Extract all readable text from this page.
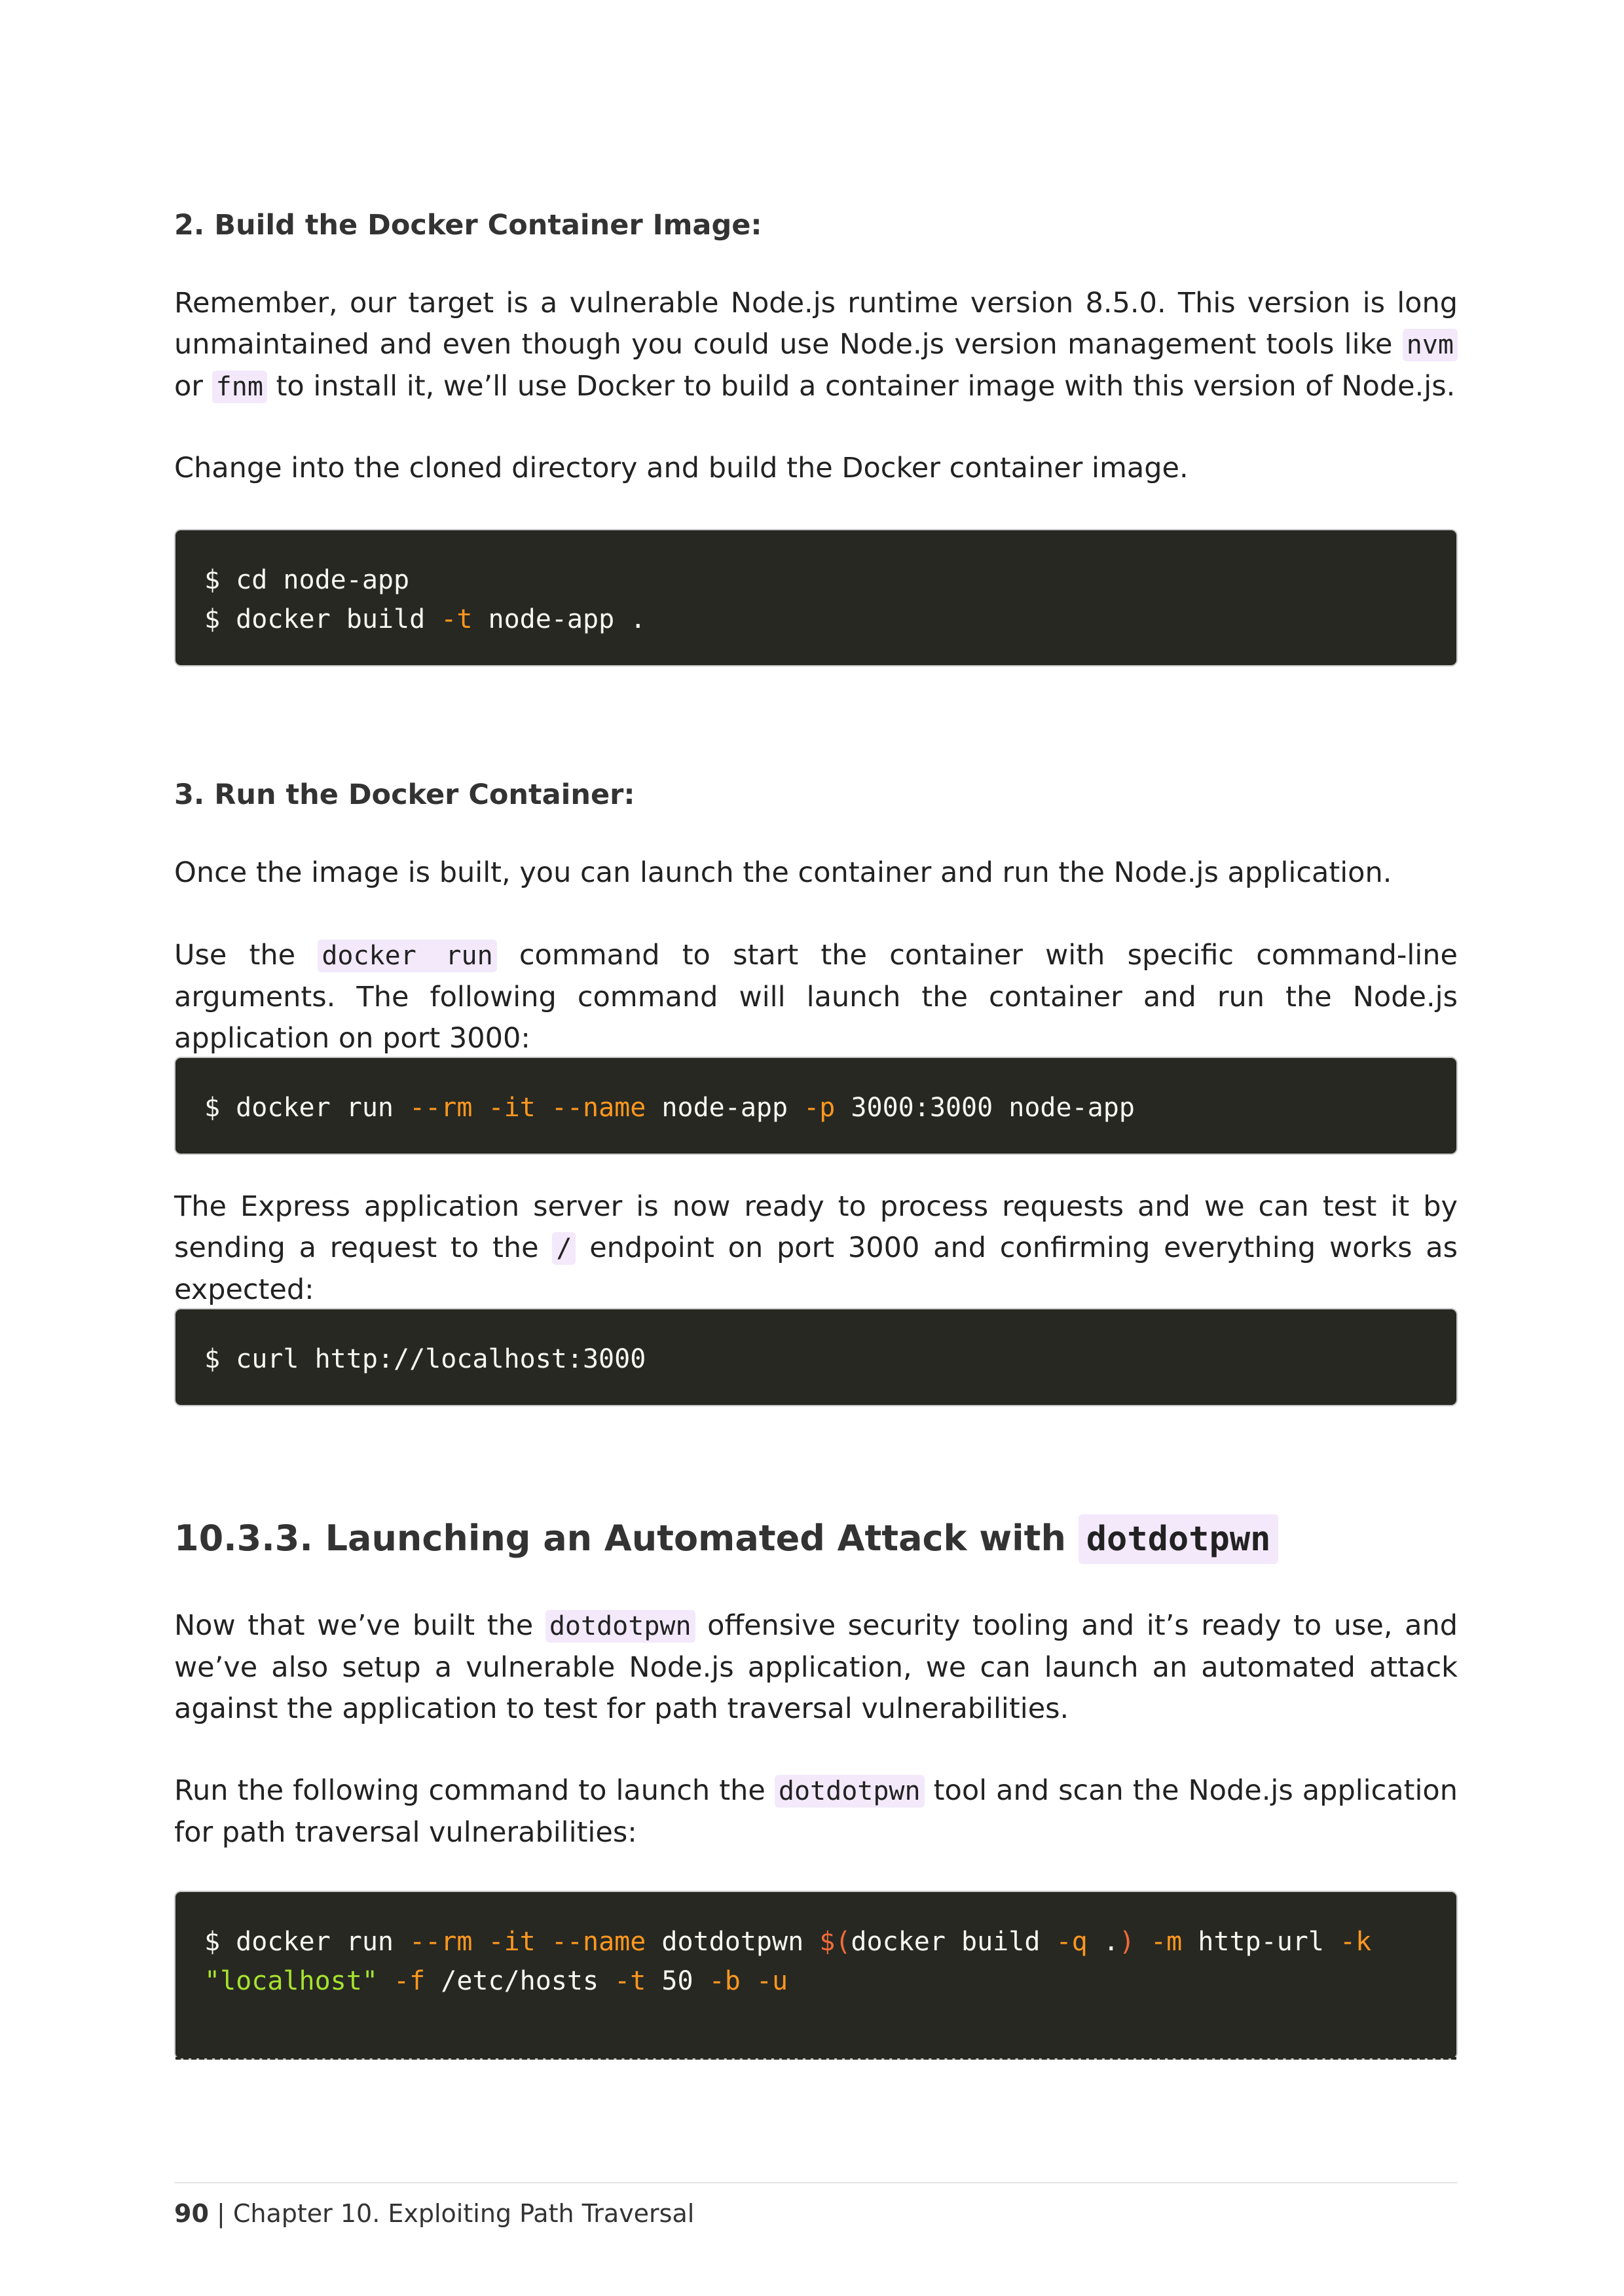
2. Build the Docker Container Image:

Remember, our target is a vulnerable Node.js runtime version 8.5.0. This version is long unmaintained and even though you could use Node.js version management tools like nvm or fnm to install it, we’ll use Docker to build a container image with this version of Node.js.

Change into the cloned directory and build the Docker container image.

$ cd node-app
$ docker build -t node-app .
3. Run the Docker Container:

Once the image is built, you can launch the container and run the Node.js application.

Use the docker run command to start the container with specific command-line arguments. The following command will launch the container and run the Node.js application on port 3000:

$ docker run --rm -it --name node-app -p 3000:3000 node-app

The Express application server is now ready to process requests and we can test it by sending a request to the / endpoint on port 3000 and confirming everything works as expected:

$ curl http://localhost:3000
10.3.3. Launching an Automated Attack with dotdotpwn

Now that we’ve built the dotdotpwn offensive security tooling and it’s ready to use, and we’ve also setup a vulnerable Node.js application, we can launch an automated attack against the application to test for path traversal vulnerabilities.

Run the following command to launch the dotdotpwn tool and scan the Node.js application for path traversal vulnerabilities:

$ docker run --rm -it --name dotdotpwn $(docker build -q .) -m http-url -k
"localhost" -f /etc/hosts -t 50 -b -u
90 | Chapter 10. Exploiting Path Traversal
